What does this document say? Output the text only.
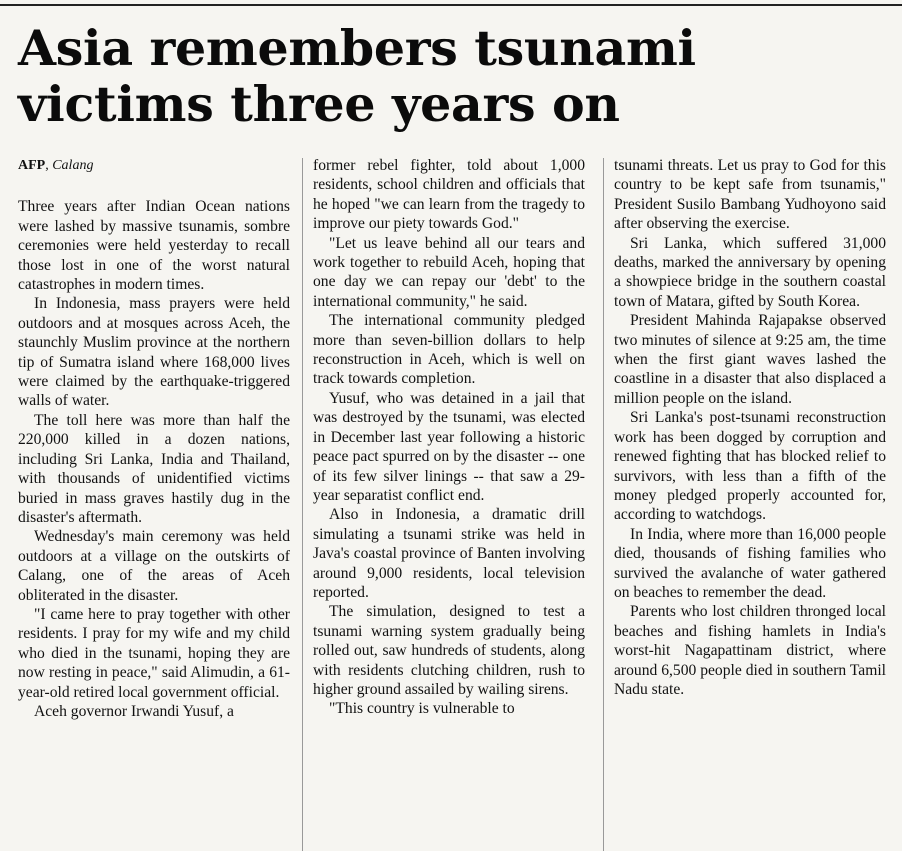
Asia remembers tsunami victims three years on
AFP, Calang

Three years after Indian Ocean nations were lashed by massive tsunamis, sombre ceremonies were held yesterday to recall those lost in one of the worst natural catastrophes in modern times.

In Indonesia, mass prayers were held outdoors and at mosques across Aceh, the staunchly Muslim province at the northern tip of Sumatra island where 168,000 lives were claimed by the earthquake-triggered walls of water.

The toll here was more than half the 220,000 killed in a dozen nations, including Sri Lanka, India and Thailand, with thousands of unidentified victims buried in mass graves hastily dug in the disaster's aftermath.

Wednesday's main ceremony was held outdoors at a village on the outskirts of Calang, one of the areas of Aceh obliterated in the disaster.

"I came here to pray together with other residents. I pray for my wife and my child who died in the tsunami, hoping they are now resting in peace," said Alimudin, a 61-year-old retired local government official.

Aceh governor Irwandi Yusuf, a

former rebel fighter, told about 1,000 residents, school children and officials that he hoped "we can learn from the tragedy to improve our piety towards God."

"Let us leave behind all our tears and work together to rebuild Aceh, hoping that one day we can repay our 'debt' to the international community," he said.

The international community pledged more than seven-billion dollars to help reconstruction in Aceh, which is well on track towards completion.

Yusuf, who was detained in a jail that was destroyed by the tsunami, was elected in December last year following a historic peace pact spurred on by the disaster -- one of its few silver linings -- that saw a 29-year separatist conflict end.

Also in Indonesia, a dramatic drill simulating a tsunami strike was held in Java's coastal province of Banten involving around 9,000 residents, local television reported.

The simulation, designed to test a tsunami warning system gradually being rolled out, saw hundreds of students, along with residents clutching children, rush to higher ground assailed by wailing sirens.

"This country is vulnerable to

tsunami threats. Let us pray to God for this country to be kept safe from tsunamis," President Susilo Bambang Yudhoyono said after observing the exercise.

Sri Lanka, which suffered 31,000 deaths, marked the anniversary by opening a showpiece bridge in the southern coastal town of Matara, gifted by South Korea.

President Mahinda Rajapakse observed two minutes of silence at 9:25 am, the time when the first giant waves lashed the coastline in a disaster that also displaced a million people on the island.

Sri Lanka's post-tsunami reconstruction work has been dogged by corruption and renewed fighting that has blocked relief to survivors, with less than a fifth of the money pledged properly accounted for, according to watchdogs.

In India, where more than 16,000 people died, thousands of fishing families who survived the avalanche of water gathered on beaches to remember the dead.

Parents who lost children thronged local beaches and fishing hamlets in India's worst-hit Nagapattinam district, where around 6,500 people died in southern Tamil Nadu state.
